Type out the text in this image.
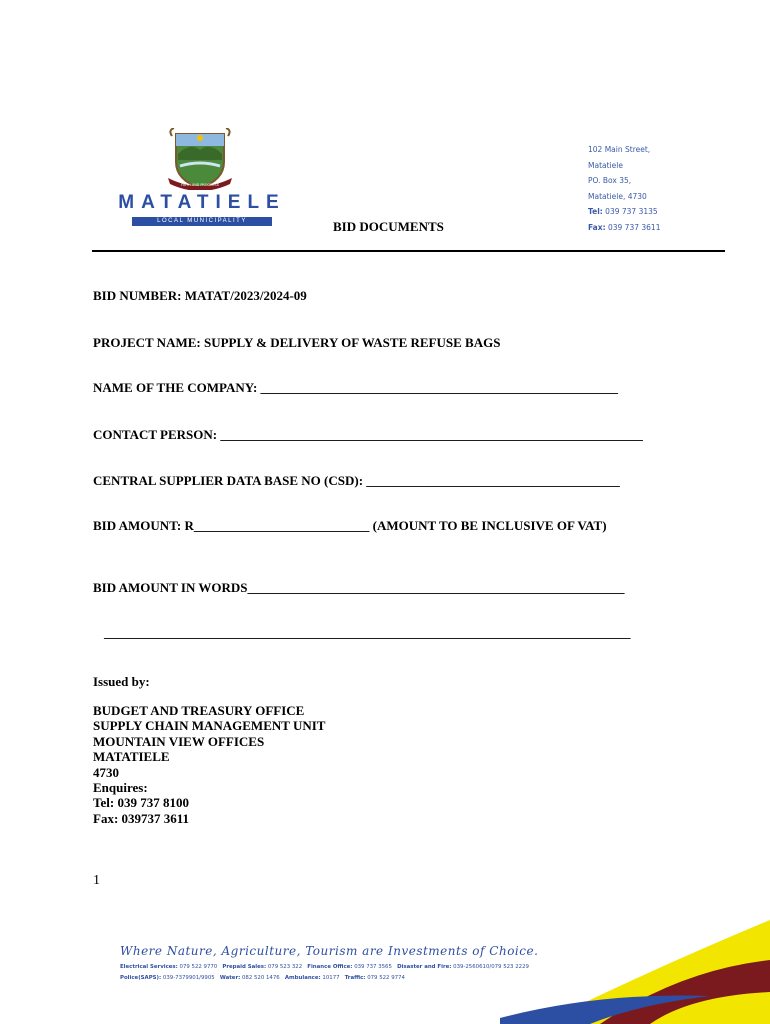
FAITH AND PROGRESS
MATATIELE
LOCAL MUNICIPALITY
102 Main Street,
Matatiele
PO. Box 35,
Matatiele, 4730
Tel: 039 737 3135
Fax: 039 737 3611
BID DOCUMENTS
BID NUMBER: MATAT/2023/2024-09
PROJECT NAME: SUPPLY & DELIVERY OF WASTE REFUSE BAGS
NAME OF THE COMPANY: _______________________________________________________
CONTACT PERSON: _________________________________________________________________
CENTRAL SUPPLIER DATA BASE NO (CSD): _______________________________________
BID AMOUNT: R___________________________ (AMOUNT TO BE INCLUSIVE OF VAT)
BID AMOUNT IN WORDS__________________________________________________________
_________________________________________________________________________________
Issued by:
BUDGET AND TREASURY OFFICE
SUPPLY CHAIN MANAGEMENT UNIT
MOUNTAIN VIEW OFFICES
MATATIELE
4730
Enquires:
Tel: 039 737 8100
Fax: 039737 3611
1
Where Nature, Agriculture, Tourism are Investments of Choice.
Electrical Services: 079 522 9770 Prepaid Sales: 079 523 322 Finance Office: 039 737 3565 Disaster and Fire: 039-2560610/079 523 2229
Police(SAPS): 039-7379901/9905 Water: 082 520 1476 Ambulance: 10177 Traffic: 079 522 9774
